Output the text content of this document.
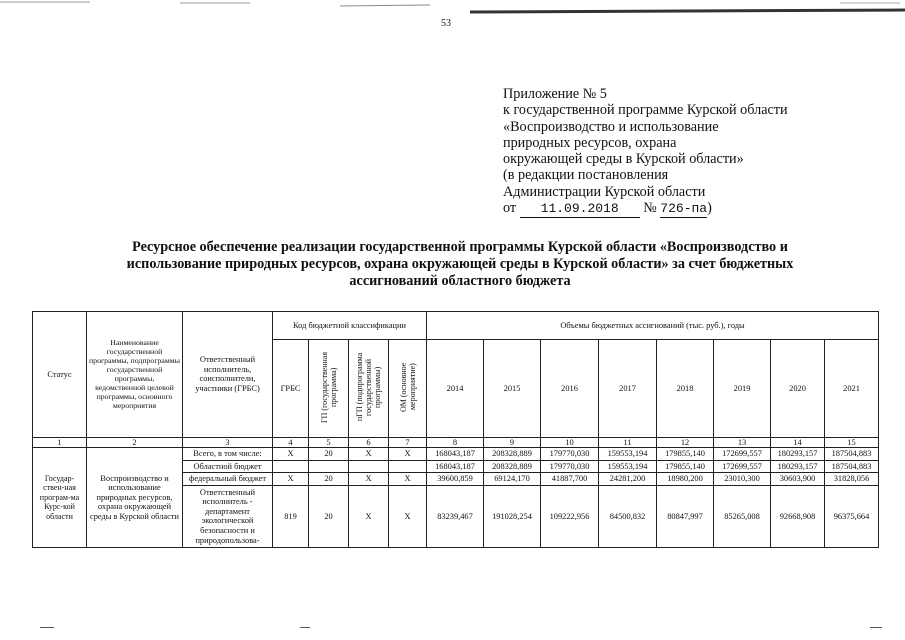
53
Приложение № 5
к государственной программе Курской области
«Воспроизводство и использование
природных ресурсов, охрана
окружающей среды в Курской области»
(в редакции постановления
Администрации Курской области
от 11.09.2018 № 726-па)
Ресурсное обеспечение реализации государственной программы Курской области «Воспроизводство и
использование природных ресурсов, охрана окружающей среды в Курской области» за счет бюджетных
ассигнований областного бюджета
Статус	Наименование государственной программы, подпрограммы государственной программы, ведомственной целевой программы, основного мероприятия	Ответственный исполнитель, соисполнители, участники (ГРБС)	Код бюджетной классификации				Объемы бюджетных ассигнований (тыс. руб.), годы							
			ГРБС	ГП (государственная программа)	пГП (подпрограмма государственной программы)	ОМ (основное мероприятие)	2014	2015	2016	2017	2018	2019	2020	2021
1	2	3	4	5	6	7	8	9	10	11	12	13	14	15
Государ-ствен-ная програм-ма Курс-кой области	Воспроизводство и использование природных ресурсов, охрана окружающей среды в Курской области	Всего, в том числе:	X	20	X	X	168043,187	208328,889	179770,030	159553,194	179855,140	172699,557	180293,157	187504,883
		Областной бюджет					168043,187	208328,889	179770,030	159553,194	179855,140	172699,557	180293,157	187504,883
		федеральный бюджет	X	20	X	X	39600,859	69124,170	41887,700	24281,200	18980,200	23010,300	30603,900	31828,056
		Ответственный исполнитель - департамент экологической безопасности и природопользова-	819	20	X	X	83239,467	191028,254	109222,956	84500,832	80847,997	85265,008	92668,908	96375,664
